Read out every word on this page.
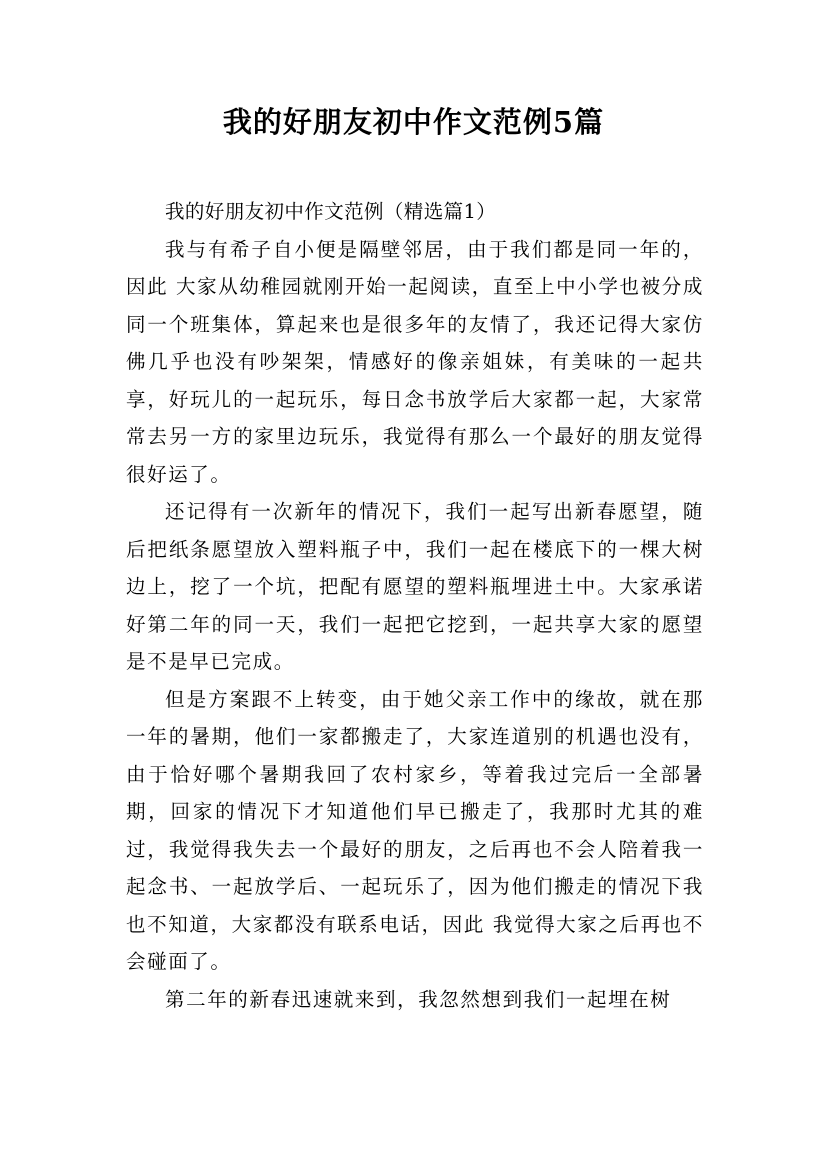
我的好朋友初中作文范例5篇

我的好朋友初中作文范例（精选篇1）

我与有希子自小便是隔壁邻居，由于我们都是同一年的，因此 大家从幼稚园就刚开始一起阅读，直至上中小学也被分成同一个班集体，算起来也是很多年的友情了，我还记得大家仿佛几乎也没有吵架架，情感好的像亲姐妹，有美味的一起共享，好玩儿的一起玩乐，每日念书放学后大家都一起，大家常常去另一方的家里边玩乐，我觉得有那么一个最好的朋友觉得很好运了。

还记得有一次新年的情况下，我们一起写出新春愿望，随后把纸条愿望放入塑料瓶子中，我们一起在楼底下的一棵大树边上，挖了一个坑，把配有愿望的塑料瓶埋进土中。大家承诺好第二年的同一天，我们一起把它挖到，一起共享大家的愿望是不是早已完成。

但是方案跟不上转变，由于她父亲工作中的缘故，就在那一年的暑期，他们一家都搬走了，大家连道别的机遇也没有，由于恰好哪个暑期我回了农村家乡，等着我过完后一全部暑期，回家的情况下才知道他们早已搬走了，我那时尤其的难过，我觉得我失去一个最好的朋友，之后再也不会人陪着我一起念书、一起放学后、一起玩乐了，因为他们搬走的情况下我也不知道，大家都没有联系电话，因此 我觉得大家之后再也不会碰面了。

第二年的新春迅速就来到，我忽然想到我们一起埋在树
